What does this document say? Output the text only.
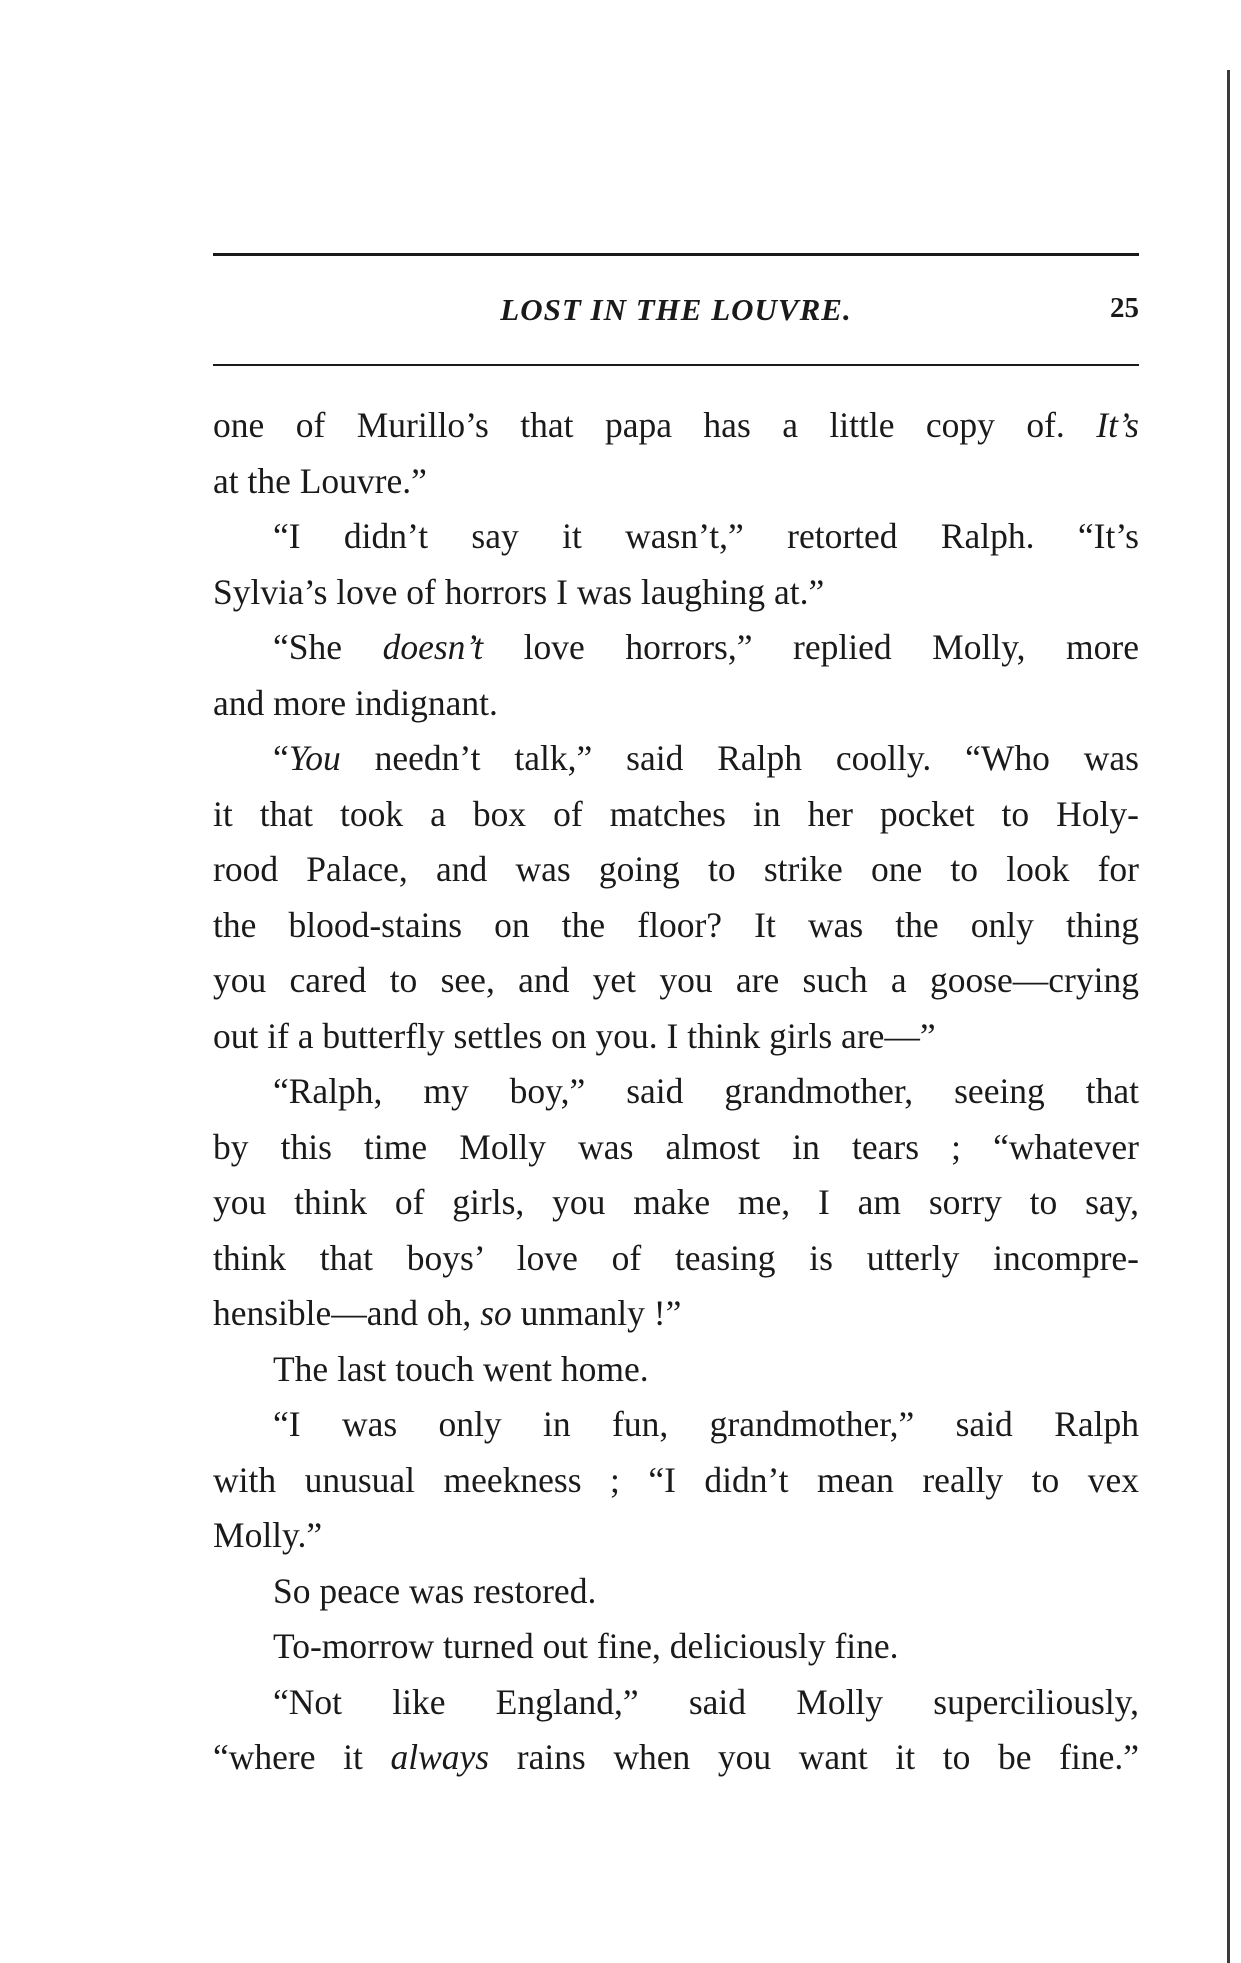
LOST IN THE LOUVRE.	25
one of Murillo’s that papa has a little copy of. It’s
at the Louvre.”
“I didn’t say it wasn’t,” retorted Ralph. “It’s
Sylvia’s love of horrors I was laughing at.”
“She doesn’t love horrors,” replied Molly, more
and more indignant.
“You needn’t talk,” said Ralph coolly. “Who was
it that took a box of matches in her pocket to Holy-
rood Palace, and was going to strike one to look for
the blood-stains on the floor? It was the only thing
you cared to see, and yet you are such a goose—crying
out if a butterfly settles on you. I think girls are—”
“Ralph, my boy,” said grandmother, seeing that
by this time Molly was almost in tears ; “whatever
you think of girls, you make me, I am sorry to say,
think that boys’ love of teasing is utterly incompre-
hensible—and oh, so unmanly !”
The last touch went home.
“I was only in fun, grandmother,” said Ralph
with unusual meekness ; “I didn’t mean really to vex
Molly.”
So peace was restored.
To-morrow turned out fine, deliciously fine.
“Not like England,” said Molly superciliously,
“where it always rains when you want it to be fine.”
